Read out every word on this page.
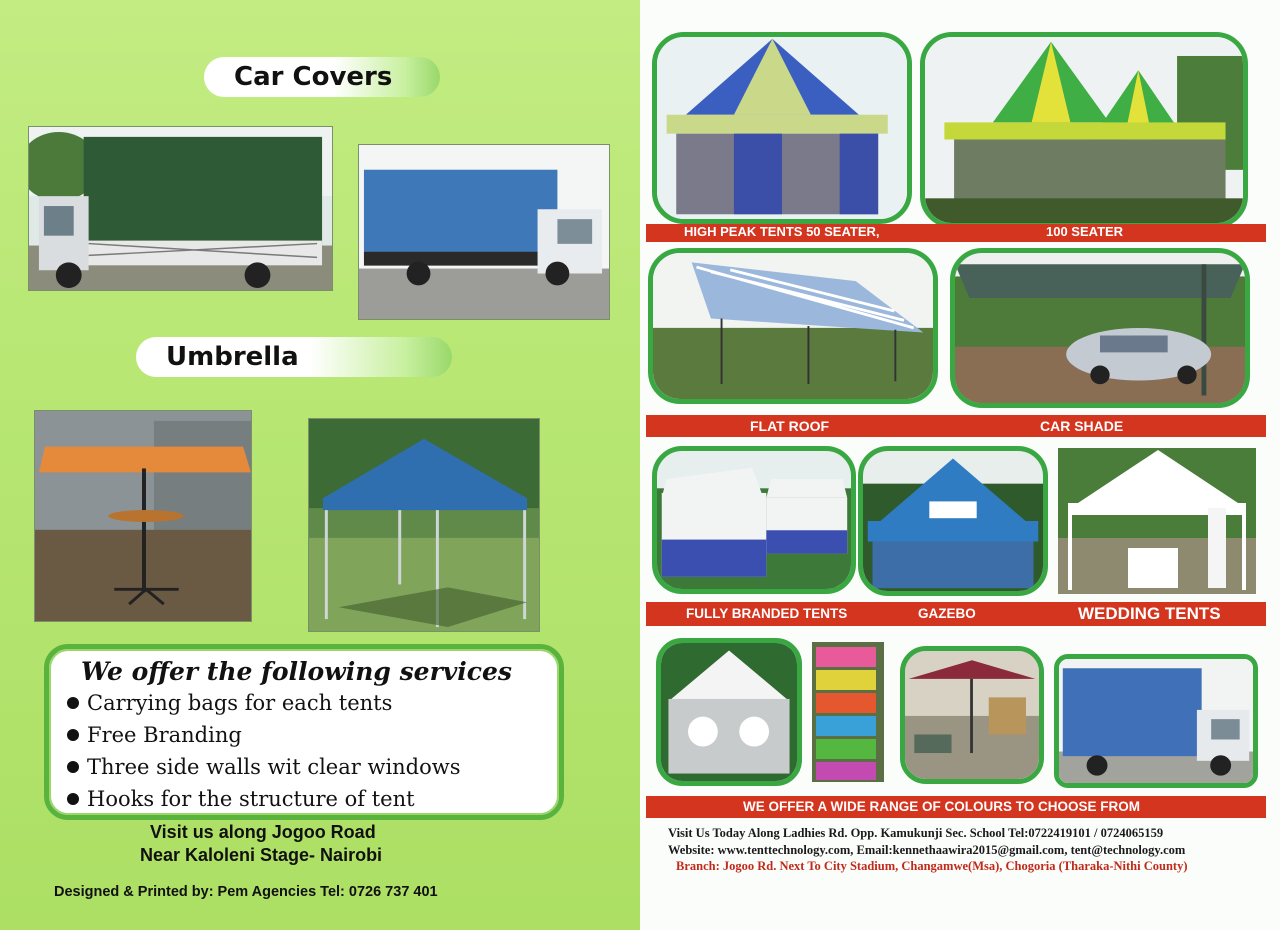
Car Covers
Umbrella
We offer the following services
Carrying bags for each tents
Free Branding
Three side walls wit clear windows
Hooks for the structure of tent
Visit us along Jogoo Road
Near Kaloleni Stage- Nairobi
Designed & Printed by: Pem Agencies Tel: 0726 737 401
HIGH PEAK TENTS 50 SEATER,	100 SEATER
FLAT ROOF	CAR SHADE
FULLY BRANDED TENTS	GAZEBO	WEDDING TENTS
WE OFFER A WIDE RANGE OF COLOURS TO CHOOSE FROM
Visit Us Today Along Ladhies Rd. Opp. Kamukunji Sec. School Tel:0722419101 / 0724065159
Website: www.tenttechnology.com, Email:kennethaawira2015@gmail.com, tent@technology.com
Branch: Jogoo Rd. Next To City Stadium, Changamwe(Msa), Chogoria (Tharaka-Nithi County)
